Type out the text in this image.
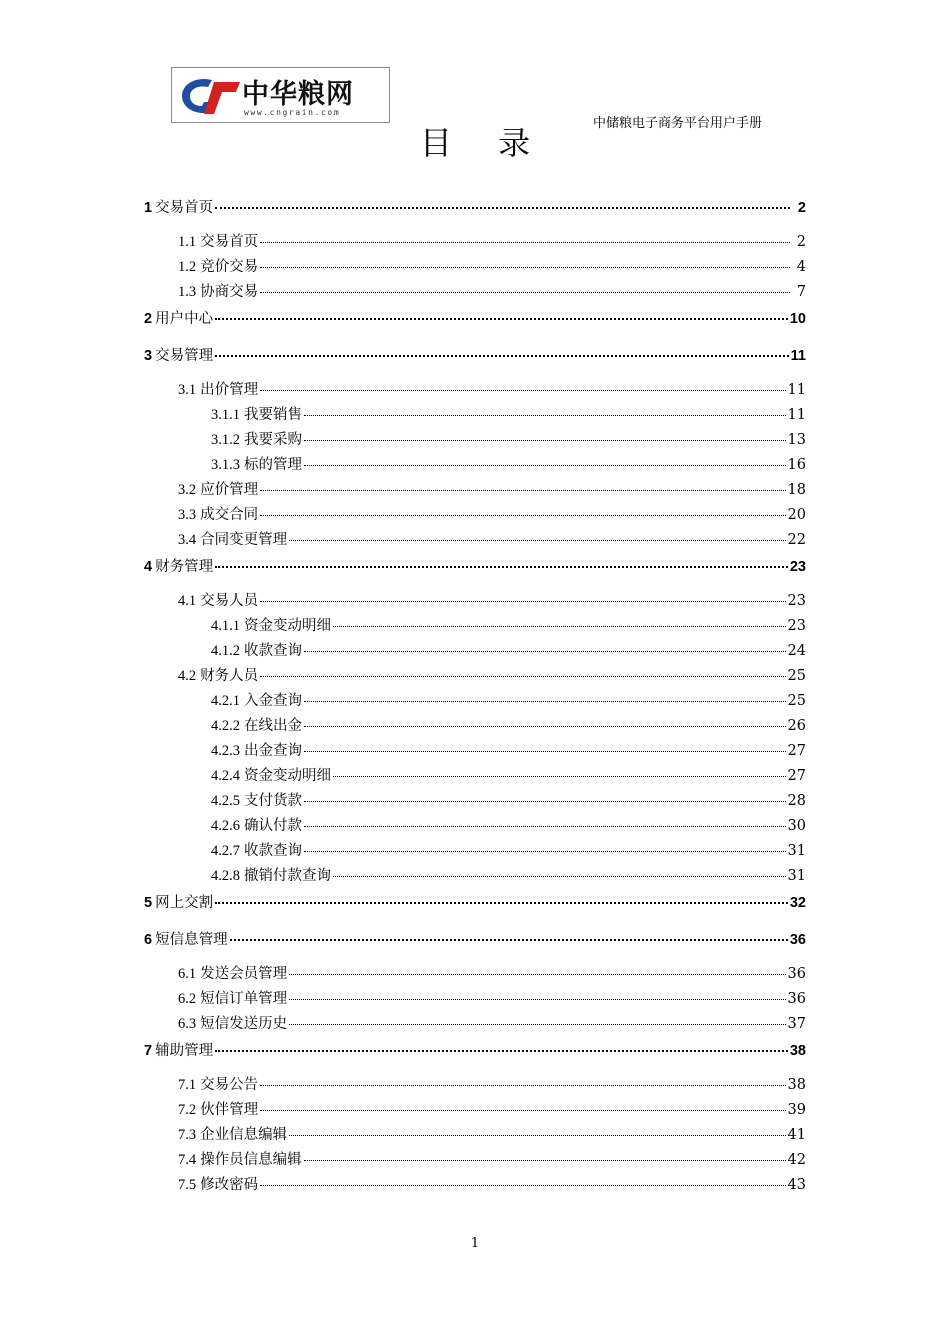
中华粮网
www.cngrain.com
中储粮电子商务平台用户手册
目 录
1 交易首页	2
1.1 交易首页	2
1.2 竞价交易	4
1.3 协商交易	7
2 用户中心	10
3 交易管理	11
3.1 出价管理	11
3.1.1 我要销售	11
3.1.2 我要采购	13
3.1.3 标的管理	16
3.2 应价管理	18
3.3 成交合同	20
3.4 合同变更管理	22
4 财务管理	23
4.1 交易人员	23
4.1.1 资金变动明细	23
4.1.2 收款查询	24
4.2 财务人员	25
4.2.1 入金查询	25
4.2.2 在线出金	26
4.2.3 出金查询	27
4.2.4 资金变动明细	27
4.2.5 支付货款	28
4.2.6 确认付款	30
4.2.7 收款查询	31
4.2.8 撤销付款查询	31
5 网上交割	32
6 短信息管理	36
6.1 发送会员管理	36
6.2 短信订单管理	36
6.3 短信发送历史	37
7 辅助管理	38
7.1 交易公告	38
7.2 伙伴管理	39
7.3 企业信息编辑	41
7.4 操作员信息编辑	42
7.5 修改密码	43
1
